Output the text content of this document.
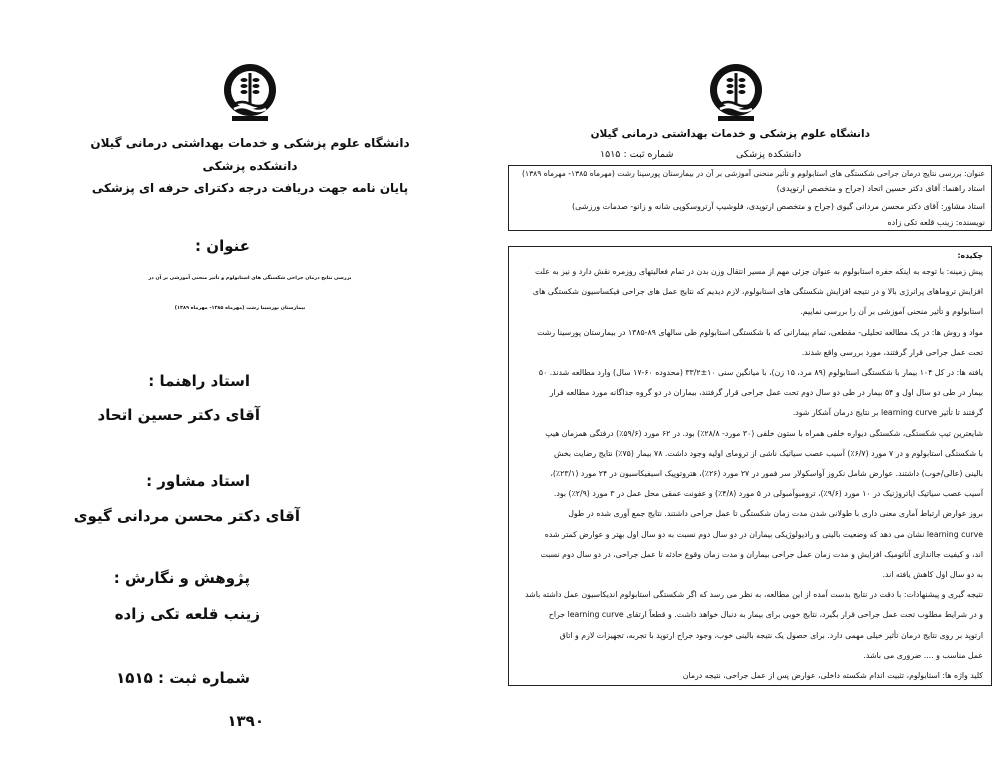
دانشگاه علوم پزشکی و خدمات بهداشتی درمانی گیلان
دانشکده پزشکی
پایان نامه جهت دریافت درجه دکترای حرفه ای پزشکی
عنوان :
بررسی نتایج درمان جراحی شکستگی های استابولوم و تأثیر منحنی آموزشی بر آن در
بیمارستان پورسینا رشت (مهرماه ۱۳۸۵- مهرماه ۱۳۸۹)
استاد راهنما :
آقای دکتر حسین اتحاد
استاد مشاور :
آقای دکتر محسن مردانی گیوی
پژوهش و نگارش :
زینب قلعه تکی زاده
شماره ثبت : ۱۵۱۵
۱۳۹۰
دانشگاه علوم پزشکی و خدمات بهداشتی درمانی گیلان
دانشکده پزشکی
شماره ثبت : ۱۵۱۵
عنوان: بررسی نتایج درمان جراحی شکستگی های استابولوم و تأثیر منحنی آموزشی بر آن در بیمارستان پورسینا رشت (مهرماه ۱۳۸۵- مهرماه ۱۳۸۹)
استاد راهنما: آقای دکتر حسین اتحاد (جراح و متخصص ارتوپدی)
استاد مشاور: آقای دکتر محسن مردانی گیوی (جراح و متخصص ارتوپدی، فلوشیپ آرتروسکوپی شانه و زانو- صدمات ورزشی)
نویسنده: زینب قلعه تکی زاده
چکیده:
پیش زمینه: با توجه به اینکه حفره استابولوم به عنوان جزئی مهم از مسیر انتقال وزن بدن در تمام فعالیتهای روزمره نقش دارد و نیز به علت
افزایش تروماهای پرانرژی بالا و در نتیجه افزایش شکستگی های استابولوم، لازم دیدیم که نتایج عمل های جراحی فیکساسیون شکستگی های
استابولوم و تأثیر منحنی آموزشی بر آن را بررسی نماییم.
مواد و روش ها: در یک مطالعه تحلیلی- مقطعی، تمام بیمارانی که با شکستگی استابولوم طی سالهای ۸۹-۱۳۸۵ در بیمارستان پورسینا رشت
تحت عمل جراحی قرار گرفتند، مورد بررسی واقع شدند.
یافته ها: در کل ۱۰۴ بیمار با شکستگی استابولوم (۸۹ مرد، ۱۵ زن)، با میانگین سنی ۱۰±۳۳/۲ (محدوده ۶۰-۱۷ سال) وارد مطالعه شدند. ۵۰
بیمار در طی دو سال اول و ۵۴ بیمار در طی دو سال دوم تحت عمل جراحی قرار گرفتند، بیماران در دو گروه جداگانه مورد مطالعه قرار
گرفتند تا تأثیر learning curve بر نتایج درمان آشکار شود.
شایعترین تیپ شکستگی، شکستگی دیواره خلفی همراه با ستون خلفی (۳۰ مورد- ۲۸/۸٪) بود. در ۶۲ مورد (۵۹/۶٪) درفتگی همزمان هیپ
با شکستگی استابولوم و در ۷ مورد (۶/۷٪) آسیب عصب سیاتیک ناشی از ترومای اولیه وجود داشت. ۷۸ بیمار (۷۵٪) نتایج رضایت بخش
بالینی (عالی/خوب) داشتند. عوارض شامل نکروز آواسکولار سر فمور در ۲۷ مورد (۲۶٪)، هتروتوپیک اسیفیکاسیون در ۲۴ مورد (۲۳/۱٪)،
آسیب عصب سیاتیک ایاتروژنیک در ۱۰ مورد (۹/۶٪)، ترومبوآمبولی در ۵ مورد (۴/۸٪) و عفونت عمقی محل عمل در ۳ مورد (۲/۹٪) بود.
بروز عوارض ارتباط آماری معنی داری با طولانی شدن مدت زمان شکستگی تا عمل جراحی داشتند. نتایج جمع آوری شده در طول
learning curve نشان می دهد که وضعیت بالینی و رادیولوژیکی بیماران در دو سال دوم نسبت به دو سال اول بهتر و عوارض کمتر شده
اند، و کیفیت جااندازی آناتومیک افزایش و مدت زمان عمل جراحی بیماران و مدت زمان وقوع حادثه تا عمل جراحی، در دو سال دوم نسبت
به دو سال اول کاهش یافته اند.
نتیجه گیری و پیشنهادات: با دقت در نتایج بدست آمده از این مطالعه، به نظر می رسد که اگر شکستگی استابولوم اندیکاسیون عمل داشته باشد
و در شرایط مطلوب تحت عمل جراحی قرار بگیرد، نتایج خوبی برای بیمار به دنبال خواهد داشت. و قطعاً ارتقای learning curve جراح
ارتوپد بر روی نتایج درمان تأثیر خیلی مهمی دارد. برای حصول یک نتیجه بالینی خوب، وجود جراح ارتوپد با تجربه، تجهیزات لازم و اتاق
عمل مناسب و .... ضروری می باشد.
کلید واژه ها: استابولوم، تثبیت اندام شکسته داخلی، عوارض پس از عمل جراحی، نتیجه درمان
